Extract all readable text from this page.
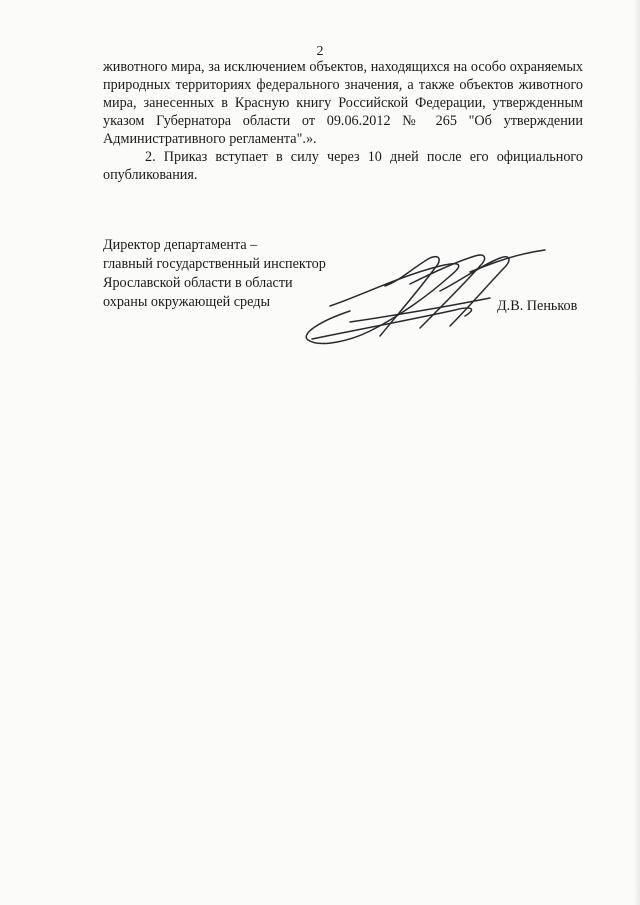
2

животного мира, за исключением объектов, находящихся на особо охраняемых природных территориях федерального значения, а также объектов животного мира, занесенных в Красную книгу Российской Федерации, утвержденным указом Губернатора области от 09.06.2012 № 265 "Об утверждении Административного регламента".».

2. Приказ вступает в силу через 10 дней после его официального опубликования.

Директор департамента –
главный государственный инспектор
Ярославской области в области
охраны окружающей среды	Д.В. Пеньков
